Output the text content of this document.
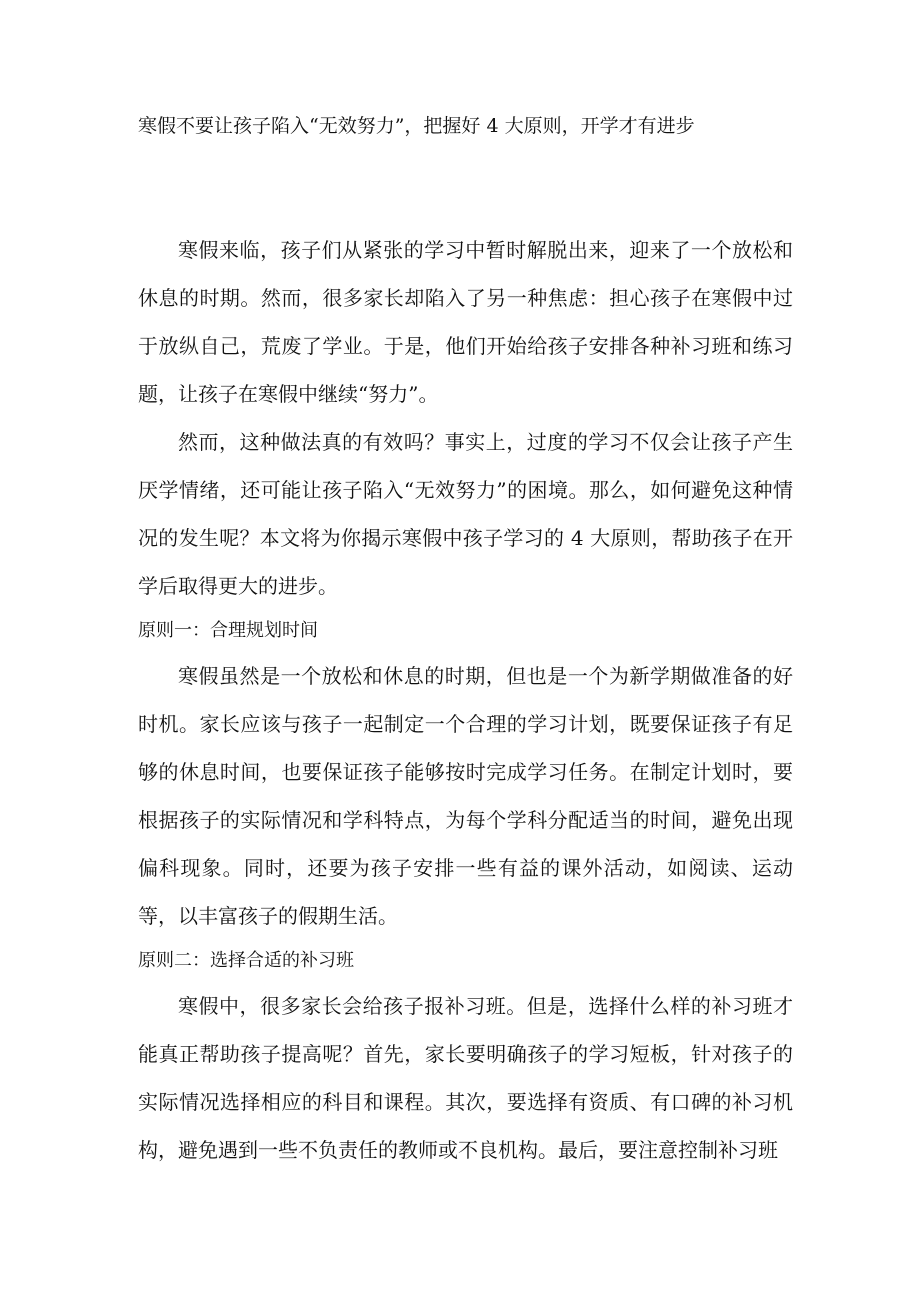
寒假不要让孩子陷入“无效努力”，把握好 4 大原则，开学才有进步

寒假来临，孩子们从紧张的学习中暂时解脱出来，迎来了一个放松和休息的时期。然而，很多家长却陷入了另一种焦虑：担心孩子在寒假中过于放纵自己，荒废了学业。于是，他们开始给孩子安排各种补习班和练习题，让孩子在寒假中继续“努力”。

然而，这种做法真的有效吗？事实上，过度的学习不仅会让孩子产生厌学情绪，还可能让孩子陷入“无效努力”的困境。那么，如何避免这种情况的发生呢？本文将为你揭示寒假中孩子学习的 4 大原则，帮助孩子在开学后取得更大的进步。

原则一：合理规划时间

寒假虽然是一个放松和休息的时期，但也是一个为新学期做准备的好时机。家长应该与孩子一起制定一个合理的学习计划，既要保证孩子有足够的休息时间，也要保证孩子能够按时完成学习任务。在制定计划时，要根据孩子的实际情况和学科特点，为每个学科分配适当的时间，避免出现偏科现象。同时，还要为孩子安排一些有益的课外活动，如阅读、运动等，以丰富孩子的假期生活。

原则二：选择合适的补习班

寒假中，很多家长会给孩子报补习班。但是，选择什么样的补习班才能真正帮助孩子提高呢？首先，家长要明确孩子的学习短板，针对孩子的实际情况选择相应的科目和课程。其次，要选择有资质、有口碑的补习机构，避免遇到一些不负责任的教师或不良机构。最后，要注意控制补习班
